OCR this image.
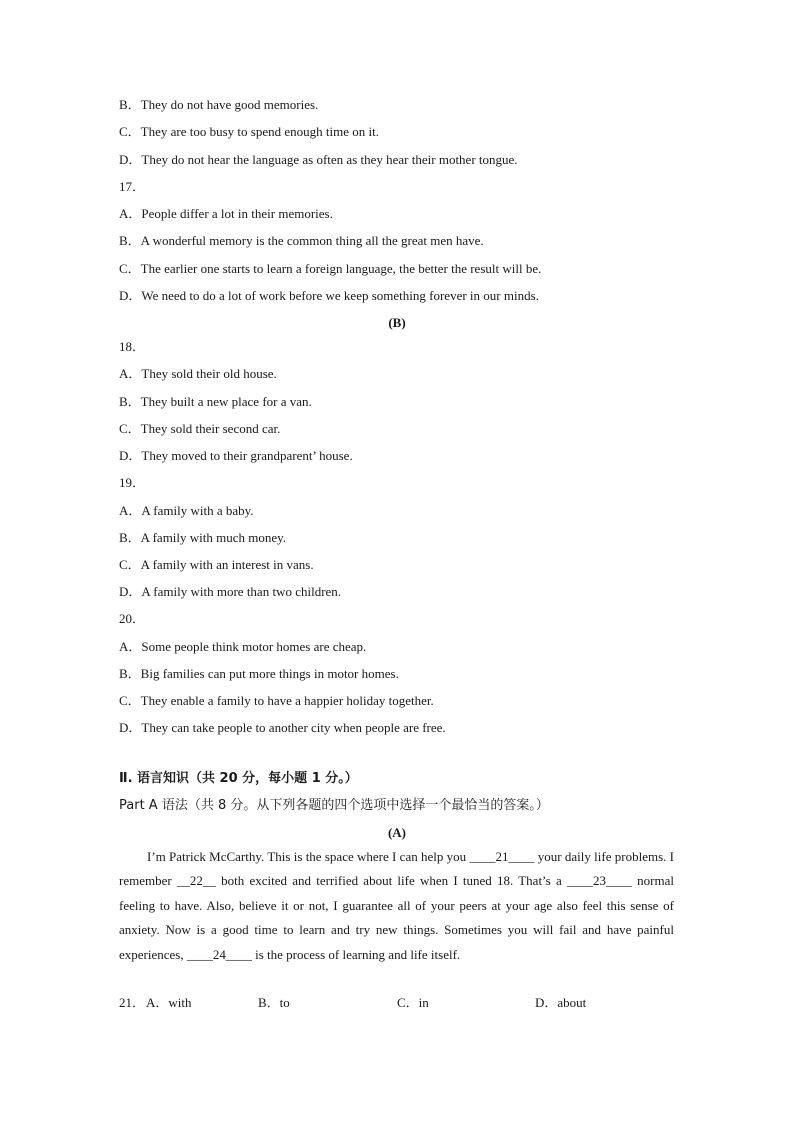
B．They do not have good memories.
C．They are too busy to spend enough time on it.
D．They do not hear the language as often as they hear their mother tongue.
17．
A．People differ a lot in their memories.
B．A wonderful memory is the common thing all the great men have.
C．The earlier one starts to learn a foreign language, the better the result will be.
D．We need to do a lot of work before we keep something forever in our minds.
(B)
18．
A．They sold their old house.
B．They built a new place for a van.
C．They sold their second car.
D．They moved to their grandparent’ house.
19．
A．A family with a baby.
B．A family with much money.
C．A family with an interest in vans.
D．A family with more than two children.
20．
A．Some people think motor homes are cheap.
B．Big families can put more things in motor homes.
C．They enable a family to have a happier holiday together.
D．They can take people to another city when people are free.
Ⅱ. 语言知识（共 20 分，每小题 1 分。）
Part A 语法（共 8 分。从下列各题的四个选项中选择一个最恰当的答案。）
(A)
I’m Patrick McCarthy. This is the space where I can help you ____21____ your daily life problems. I remember __22__ both excited and terrified about life when I tuned 18. That’s a ____23____ normal feeling to have. Also, believe it or not, I guarantee all of your peers at your age also feel this sense of anxiety. Now is a good time to learn and try new things. Sometimes you will fail and have painful experiences, ____24____ is the process of learning and life itself.
21． A．with	B．to	C．in	D．about
